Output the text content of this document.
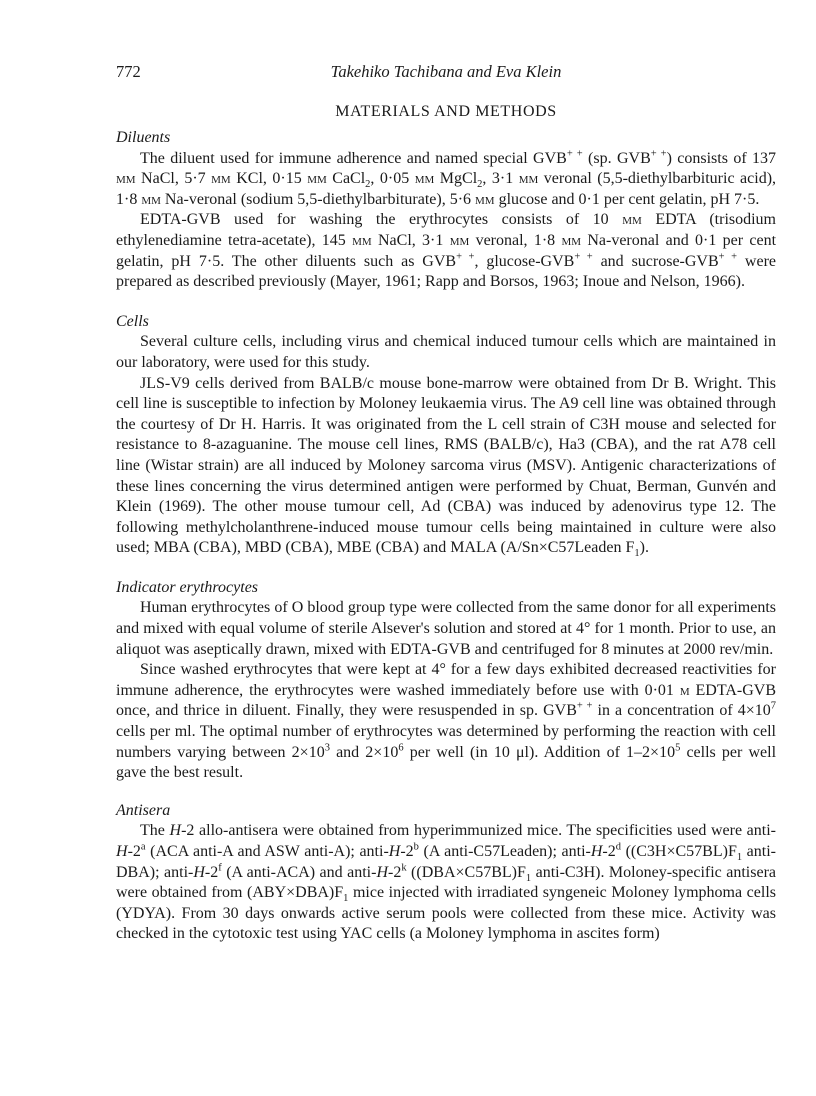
772	Takehiko Tachibana and Eva Klein
MATERIALS AND METHODS

Diluents

The diluent used for immune adherence and named special GVB+ + (sp. GVB+ +) consists of 137 mm NaCl, 5·7 mm KCl, 0·15 mm CaCl$_2$, 0·05 mm MgCl$_2$, 3·1 mm veronal (5,5-diethylbarbituric acid), 1·8 mm Na-veronal (sodium 5,5-diethylbarbiturate), 5·6 mm glucose and 0·1 per cent gelatin, pH 7·5.

EDTA-GVB used for washing the erythrocytes consists of 10 mm EDTA (trisodium ethylenediamine tetra-acetate), 145 mm NaCl, 3·1 mm veronal, 1·8 mm Na-veronal and 0·1 per cent gelatin, pH 7·5. The other diluents such as GVB+ +, glucose-GVB+ + and sucrose-GVB+ + were prepared as described previously (Mayer, 1961; Rapp and Borsos, 1963; Inoue and Nelson, 1966).

Cells

Several culture cells, including virus and chemical induced tumour cells which are maintained in our laboratory, were used for this study.

JLS-V9 cells derived from BALB/c mouse bone-marrow were obtained from Dr B. Wright. This cell line is susceptible to infection by Moloney leukaemia virus. The A9 cell line was obtained through the courtesy of Dr H. Harris. It was originated from the L cell strain of C3H mouse and selected for resistance to 8-azaguanine. The mouse cell lines, RMS (BALB/c), Ha3 (CBA), and the rat A78 cell line (Wistar strain) are all induced by Moloney sarcoma virus (MSV). Antigenic characterizations of these lines concerning the virus determined antigen were performed by Chuat, Berman, Gunvén and Klein (1969). The other mouse tumour cell, Ad (CBA) was induced by adenovirus type 12. The following methylcholanthrene-induced mouse tumour cells being maintained in culture were also used; MBA (CBA), MBD (CBA), MBE (CBA) and MALA (A/Sn×C57Leaden $F_1$).

Indicator erythrocytes

Human erythrocytes of O blood group type were collected from the same donor for all experiments and mixed with equal volume of sterile Alsever's solution and stored at 4° for 1 month. Prior to use, an aliquot was aseptically drawn, mixed with EDTA-GVB and centrifuged for 8 minutes at 2000 rev/min.

Since washed erythrocytes that were kept at 4° for a few days exhibited decreased reactivities for immune adherence, the erythrocytes were washed immediately before use with 0·01 m EDTA-GVB once, and thrice in diluent. Finally, they were resuspended in sp. GVB+ + in a concentration of $4\times 10^7$ cells per ml. The optimal number of erythrocytes was determined by performing the reaction with cell numbers varying between $2\times 10^3$ and $2\times 10^6$ per well (in 10 μl). Addition of $1-2\times 10^5$ cells per well gave the best result.

Antisera

The H-2 allo-antisera were obtained from hyperimmunized mice. The specificities used were anti-H-2$^a$ (ACA anti-A and ASW anti-A); anti-H-2$^b$ (A anti-C57Leaden); anti-H-2$^d$ ($(C3H\times C57BL)F_1$ anti-DBA); anti-H-2$^f$ (A anti-ACA) and anti-H-2$^k$ ($(DBA\times C57BL)F_1$ anti-C3H). Moloney-specific antisera were obtained from $(ABY\times DBA)F_1$ mice injected with irradiated syngeneic Moloney lymphoma cells (YDYA). From 30 days onwards active serum pools were collected from these mice. Activity was checked in the cytotoxic test using YAC cells (a Moloney lymphoma in ascites form)
